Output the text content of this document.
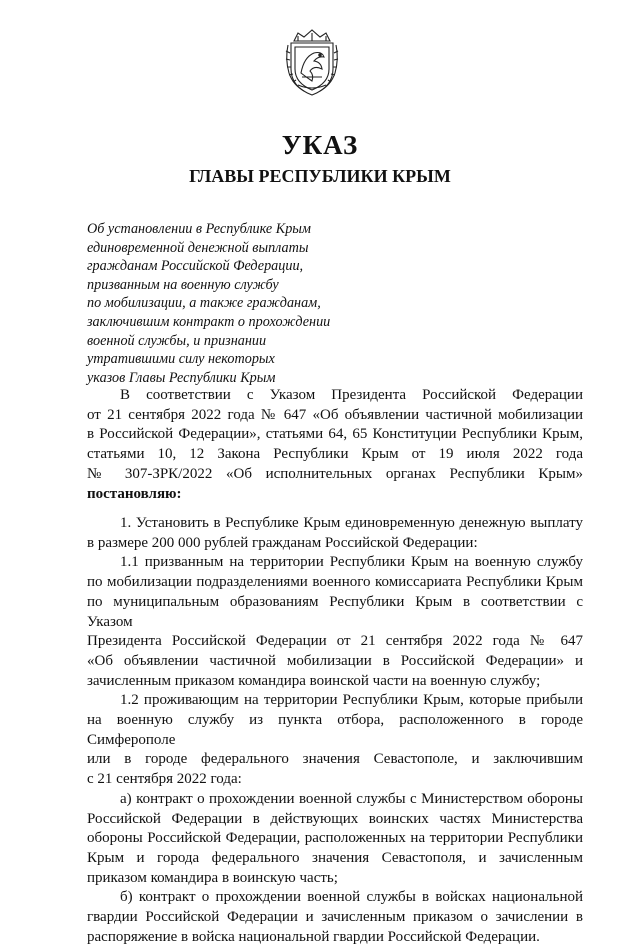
УКАЗ
ГЛАВЫ РЕСПУБЛИКИ КРЫМ
Об установлении в Республике Крым
единовременной денежной выплаты
гражданам Российской Федерации,
призванным на военную службу
по мобилизации, а также гражданам,
заключившим контракт о прохождении
военной службы, и признании
утратившими силу некоторых
указов Главы Республики Крым
В соответствии с Указом Президента Российской Федерации
от 21 сентября 2022 года № 647 «Об объявлении частичной мобилизации
в Российской Федерации», статьями 64, 65 Конституции Республики Крым,
статьями 10, 12 Закона Республики Крым от 19 июля 2022 года
№ 307-ЗРК/2022 «Об исполнительных органах Республики Крым»
постановляю:
1. Установить в Республике Крым единовременную денежную выплату
в размере 200 000 рублей гражданам Российской Федерации:
1.1 призванным на территории Республики Крым на военную службу
по мобилизации подразделениями военного комиссариата Республики Крым
по муниципальным образованиям Республики Крым в соответствии с Указом
Президента Российской Федерации от 21 сентября 2022 года № 647
«Об объявлении частичной мобилизации в Российской Федерации» и
зачисленным приказом командира воинской части на военную службу;
1.2 проживающим на территории Республики Крым, которые прибыли
на военную службу из пункта отбора, расположенного в городе Симферополе
или в городе федерального значения Севастополе, и заключившим
с 21 сентября 2022 года:
а) контракт о прохождении военной службы с Министерством обороны
Российской Федерации в действующих воинских частях Министерства
обороны Российской Федерации, расположенных на территории Республики
Крым и города федерального значения Севастополя, и зачисленным
приказом командира в воинскую часть;
б) контракт о прохождении военной службы в войсках национальной
гвардии Российской Федерации и зачисленным приказом о зачислении в
распоряжение в войска национальной гвардии Российской Федерации.
